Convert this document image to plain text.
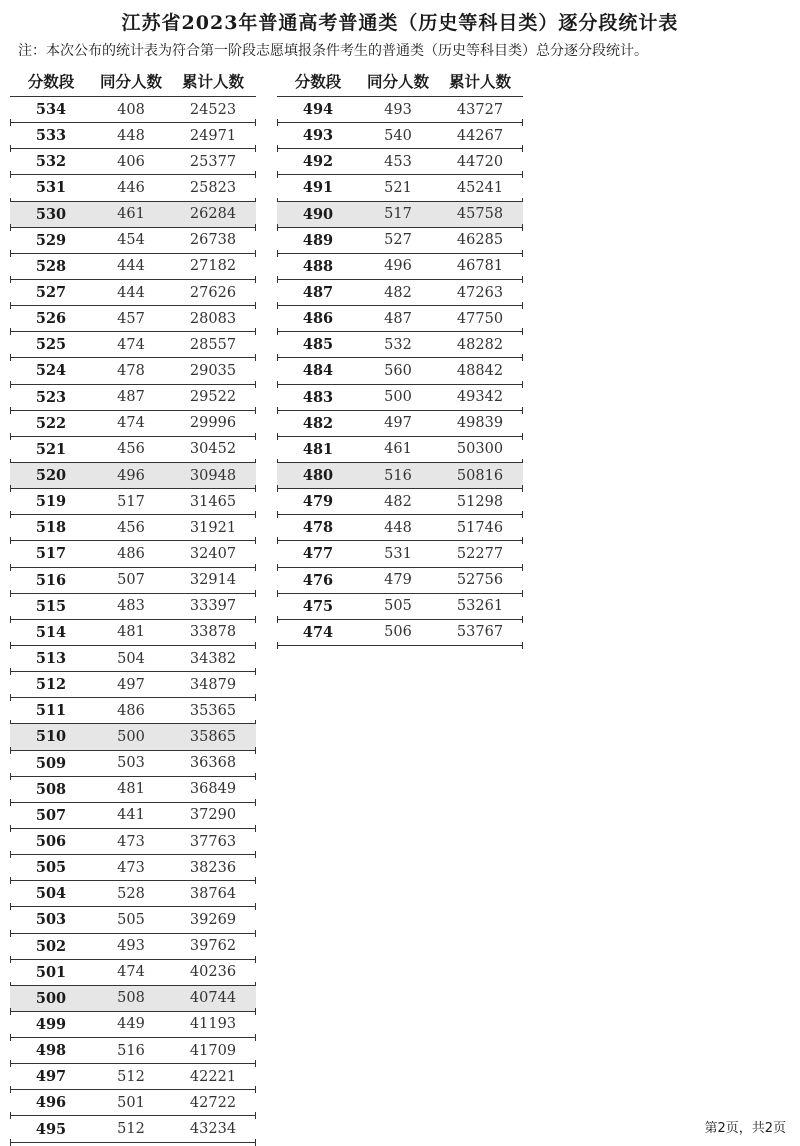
江苏省2023年普通高考普通类（历史等科目类）逐分段统计表
注：本次公布的统计表为符合第一阶段志愿填报条件考生的普通类（历史等科目类）总分逐分段统计。
分数段	同分人数	累计人数
534	408	24523
533	448	24971
532	406	25377
531	446	25823
530	461	26284
529	454	26738
528	444	27182
527	444	27626
526	457	28083
525	474	28557
524	478	29035
523	487	29522
522	474	29996
521	456	30452
520	496	30948
519	517	31465
518	456	31921
517	486	32407
516	507	32914
515	483	33397
514	481	33878
513	504	34382
512	497	34879
511	486	35365
510	500	35865
509	503	36368
508	481	36849
507	441	37290
506	473	37763
505	473	38236
504	528	38764
503	505	39269
502	493	39762
501	474	40236
500	508	40744
499	449	41193
498	516	41709
497	512	42221
496	501	42722
495	512	43234
分数段	同分人数	累计人数
494	493	43727
493	540	44267
492	453	44720
491	521	45241
490	517	45758
489	527	46285
488	496	46781
487	482	47263
486	487	47750
485	532	48282
484	560	48842
483	500	49342
482	497	49839
481	461	50300
480	516	50816
479	482	51298
478	448	51746
477	531	52277
476	479	52756
475	505	53261
474	506	53767
第2页，共2页
